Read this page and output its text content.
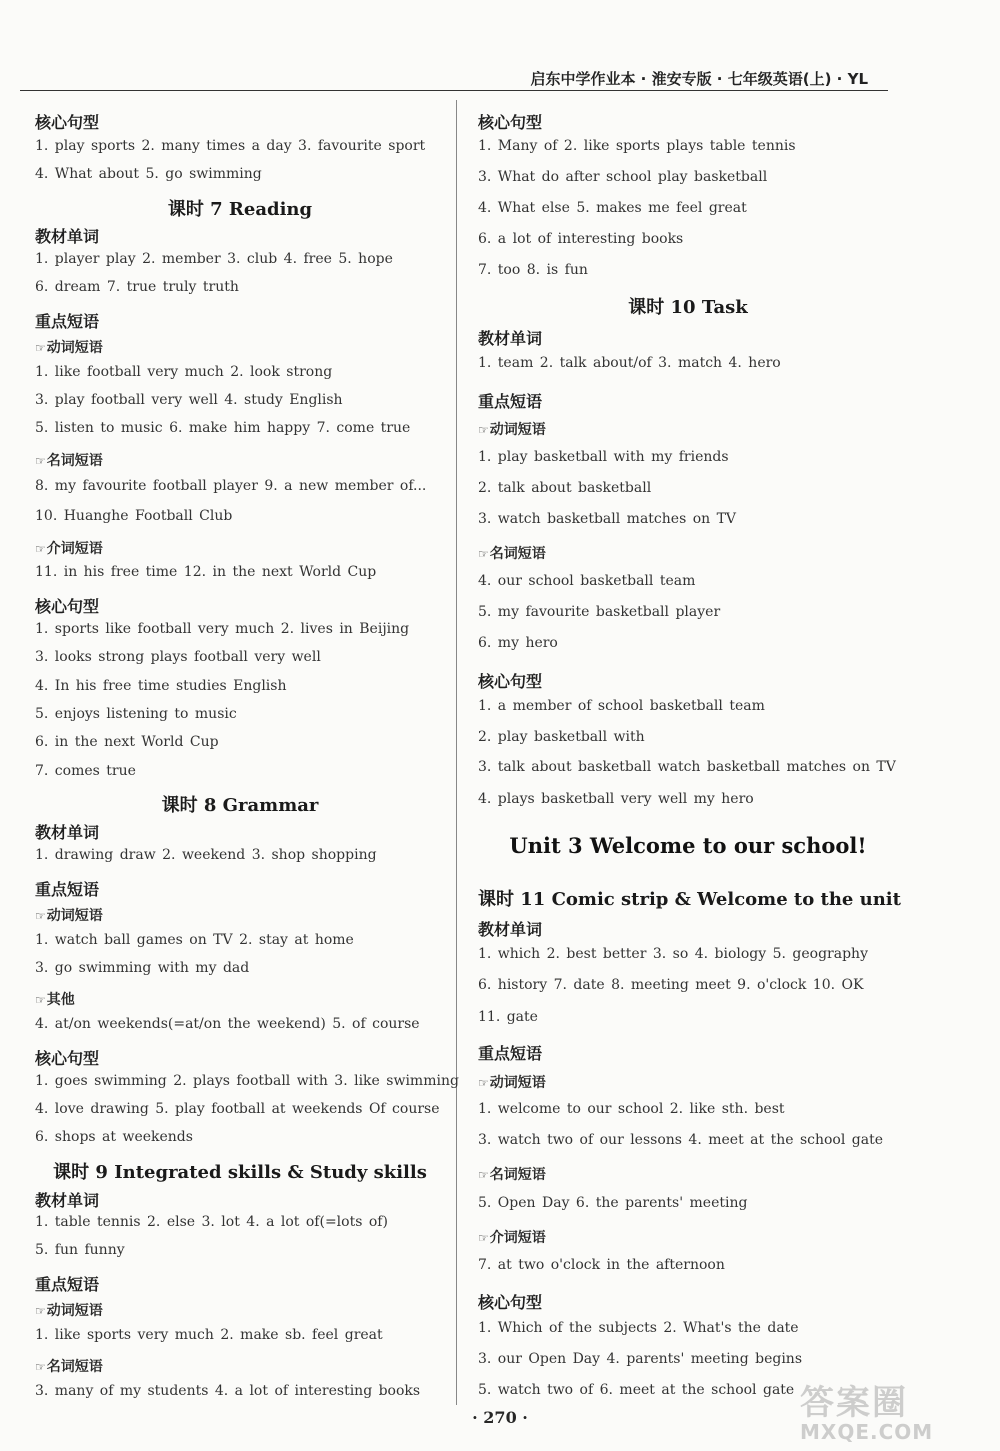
启东中学作业本 · 淮安专版 · 七年级英语(上) · YL
核心句型
1. play sports 2. many times a day 3. favourite sport
4. What about 5. go swimming
课时 7 Reading
教材单词
1. player play 2. member 3. club 4. free 5. hope
6. dream 7. true truly truth
重点短语
☞ 动词短语
1. like football very much 2. look strong
3. play football very well 4. study English
5. listen to music 6. make him happy 7. come true
☞ 名词短语
8. my favourite football player 9. a new member of...
10. Huanghe Football Club
☞ 介词短语
11. in his free time 12. in the next World Cup
核心句型
1. sports like football very much 2. lives in Beijing
3. looks strong plays football very well
4. In his free time studies English
5. enjoys listening to music
6. in the next World Cup
7. comes true
课时 8 Grammar
教材单词
1. drawing draw 2. weekend 3. shop shopping
重点短语
☞ 动词短语
1. watch ball games on TV 2. stay at home
3. go swimming with my dad
☞ 其他
4. at/on weekends(=at/on the weekend) 5. of course
核心句型
1. goes swimming 2. plays football with 3. like swimming
4. love drawing 5. play football at weekends Of course
6. shops at weekends
课时 9 Integrated skills & Study skills
教材单词
1. table tennis 2. else 3. lot 4. a lot of(=lots of)
5. fun funny
重点短语
☞ 动词短语
1. like sports very much 2. make sb. feel great
☞ 名词短语
3. many of my students 4. a lot of interesting books
核心句型
1. Many of 2. like sports plays table tennis
3. What do after school play basketball
4. What else 5. makes me feel great
6. a lot of interesting books
7. too 8. is fun
课时 10 Task
教材单词
1. team 2. talk about/of 3. match 4. hero
重点短语
☞ 动词短语
1. play basketball with my friends
2. talk about basketball
3. watch basketball matches on TV
☞ 名词短语
4. our school basketball team
5. my favourite basketball player
6. my hero
核心句型
1. a member of school basketball team
2. play basketball with
3. talk about basketball watch basketball matches on TV
4. plays basketball very well my hero
Unit 3 Welcome to our school!
课时 11 Comic strip & Welcome to the unit
教材单词
1. which 2. best better 3. so 4. biology 5. geography
6. history 7. date 8. meeting meet 9. o'clock 10. OK
11. gate
重点短语
☞ 动词短语
1. welcome to our school 2. like sth. best
3. watch two of our lessons 4. meet at the school gate
☞ 名词短语
5. Open Day 6. the parents' meeting
☞ 介词短语
7. at two o'clock in the afternoon
核心句型
1. Which of the subjects 2. What's the date
3. our Open Day 4. parents' meeting begins
5. watch two of 6. meet at the school gate
· 270 ·	答案圈
MXQE.COM
